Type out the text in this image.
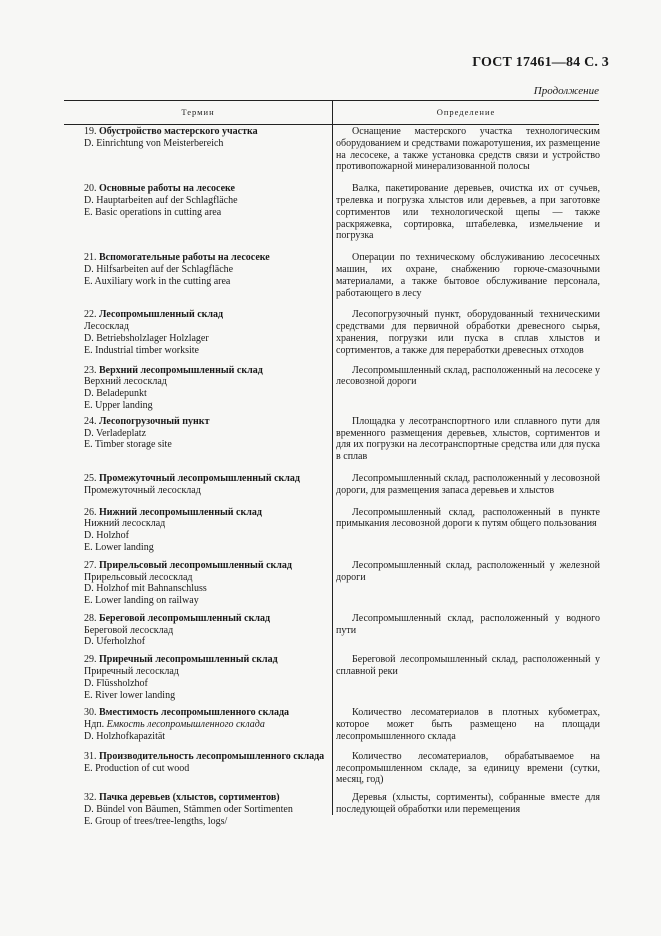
ГОСТ 17461—84 С. 3
Продолжение
Термин	Определение
19. Обустройство мастерского участка
D. Einrichtung von Meisterbereich
Оснащение мастерского участка технологическим оборудованием и средствами пожаротушения, их размещение на лесосеке, а также установка средств связи и устройство противопожарной минерализованной полосы
20. Основные работы на лесосеке
D. Hauptarbeiten auf der Schlagfläche
E. Basic operations in cutting area
Валка, пакетирование деревьев, очистка их от сучьев, трелевка и погрузка хлыстов или деревьев, а при заготовке сортиментов или технологической щепы — также раскряжевка, сортировка, штабелевка, измельчение и погрузка
21. Вспомогательные работы на лесосеке
D. Hilfsarbeiten auf der Schlagfläche
E. Auxiliary work in the cutting area
Операции по техническому обслуживанию лесосечных машин, их охране, снабжению горюче-смазочными материалами, а также бытовое обслуживание персонала, работающего в лесу
22. Лесопромышленный склад
Лесосклад
D. Betriebsholzlager Holzlager
E. Industrial timber worksite
Лесопогрузочный пункт, оборудованный техническими средствами для первичной обработки древесного сырья, хранения, погрузки или пуска в сплав хлыстов и сортиментов, а также для переработки древесных отходов
23. Верхний лесопромышленный склад
Верхний лесосклад
D. Beladepunkt
E. Upper landing
Лесопромышленный склад, расположенный на лесосеке у лесовозной дороги
24. Лесопогрузочный пункт
D. Verladeplatz
E. Timber storage site
Площадка у лесотранспортного или сплавного пути для временного размещения деревьев, хлыстов, сортиментов и для их погрузки на лесотранспортные средства или для пуска в сплав
25. Промежуточный лесопромышленный склад
Промежуточный лесосклад
Лесопромышленный склад, расположенный у лесовозной дороги, для размещения запаса деревьев и хлыстов
26. Нижний лесопромышленный склад
Нижний лесосклад
D. Holzhof
E. Lower landing
Лесопромышленный склад, расположенный в пункте примыкания лесовозной дороги к путям общего пользования
27. Прирельсовый лесопромышленный склад
Прирельсовый лесосклад
D. Holzhof mit Bahnanschluss
E. Lower landing on railway
Лесопромышленный склад, расположенный у железной дороги
28. Береговой лесопромышленный склад
Береговой лесосклад
D. Uferholzhof
Лесопромышленный склад, расположенный у водного пути
29. Приречный лесопромышленный склад
Приречный лесосклад
D. Flüssholzhof
E. River lower landing
Береговой лесопромышленный склад, расположенный у сплавной реки
30. Вместимость лесопромышленного склада
Ндп. Емкость лесопромышленного склада
D. Holzhofkapazität
Количество лесоматериалов в плотных кубометрах, которое может быть размещено на площади лесопромышленного склада
31. Производительность лесопромышленного склада
E. Production of cut wood
Количество лесоматериалов, обрабатываемое на лесопромышленном складе, за единицу времени (сутки, месяц, год)
32. Пачка деревьев (хлыстов, сортиментов)
D. Bündel von Bäumen, Stämmen oder Sortimenten
E. Group of trees/tree-lengths, logs/
Деревья (хлысты, сортименты), собранные вместе для последующей обработки или перемещения
